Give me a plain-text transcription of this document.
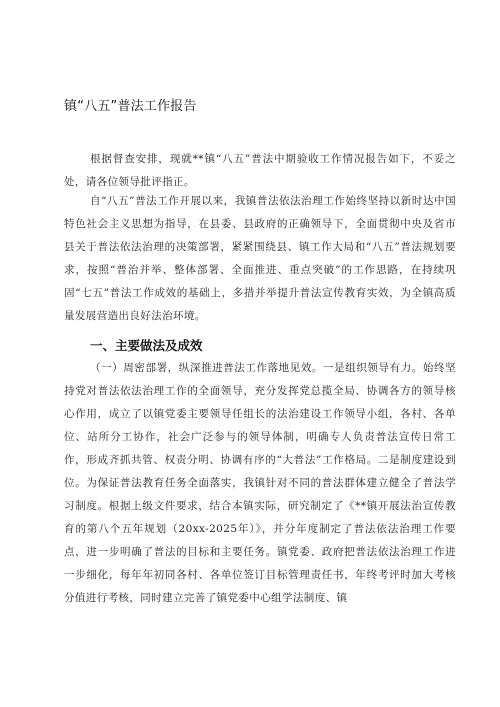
镇“八五”普法工作报告
根据督查安排，现就**镇“八五”普法中期验收工作情况报告如下，不妥之处，请各位领导批评指正。
自“八五”普法工作开展以来，我镇普法依法治理工作始终坚持以新时达中国特色社会主义思想为指导，在县委、县政府的正确领导下，全面贯彻中央及省市县关于普法依法治理的决策部署，紧紧围绕县、镇工作大局和“八五”普法规划要求，按照“普治并举、整体部署、全面推进、重点突破”的工作思路，在持续巩固“七五”普法工作成效的基础上，多措并举提升普法宣传教育实效，为全镇高质量发展营造出良好法治环境。
一、主要做法及成效
（一）周密部署，纵深推进普法工作落地见效。一是组织领导有力。始终坚持党对普法依法治理工作的全面领导，充分发挥党总揽全局、协调各方的领导核心作用，成立了以镇党委主要领导任组长的法治建设工作领导小组，各村、各单位、站所分工协作，社会广泛参与的领导体制，明确专人负责普法宣传日常工作，形成齐抓共管、权责分明、协调有序的“大普法”工作格局。二是制度建设到位。为保证普法教育任务全面落实，我镇针对不同的普法群体建立健全了普法学习制度。根据上级文件要求，结合本镇实际，研究制定了《**镇开展法治宣传教育的第八个五年规划（20xx-2025年）》，并分年度制定了普法依法治理工作要点，进一步明确了普法的目标和主要任务。镇党委、政府把普法依法治理工作进一步细化，每年年初同各村、各单位签订目标管理责任书，年终考评时加大考核分值进行考核，同时建立完善了镇党委中心组学法制度、镇
